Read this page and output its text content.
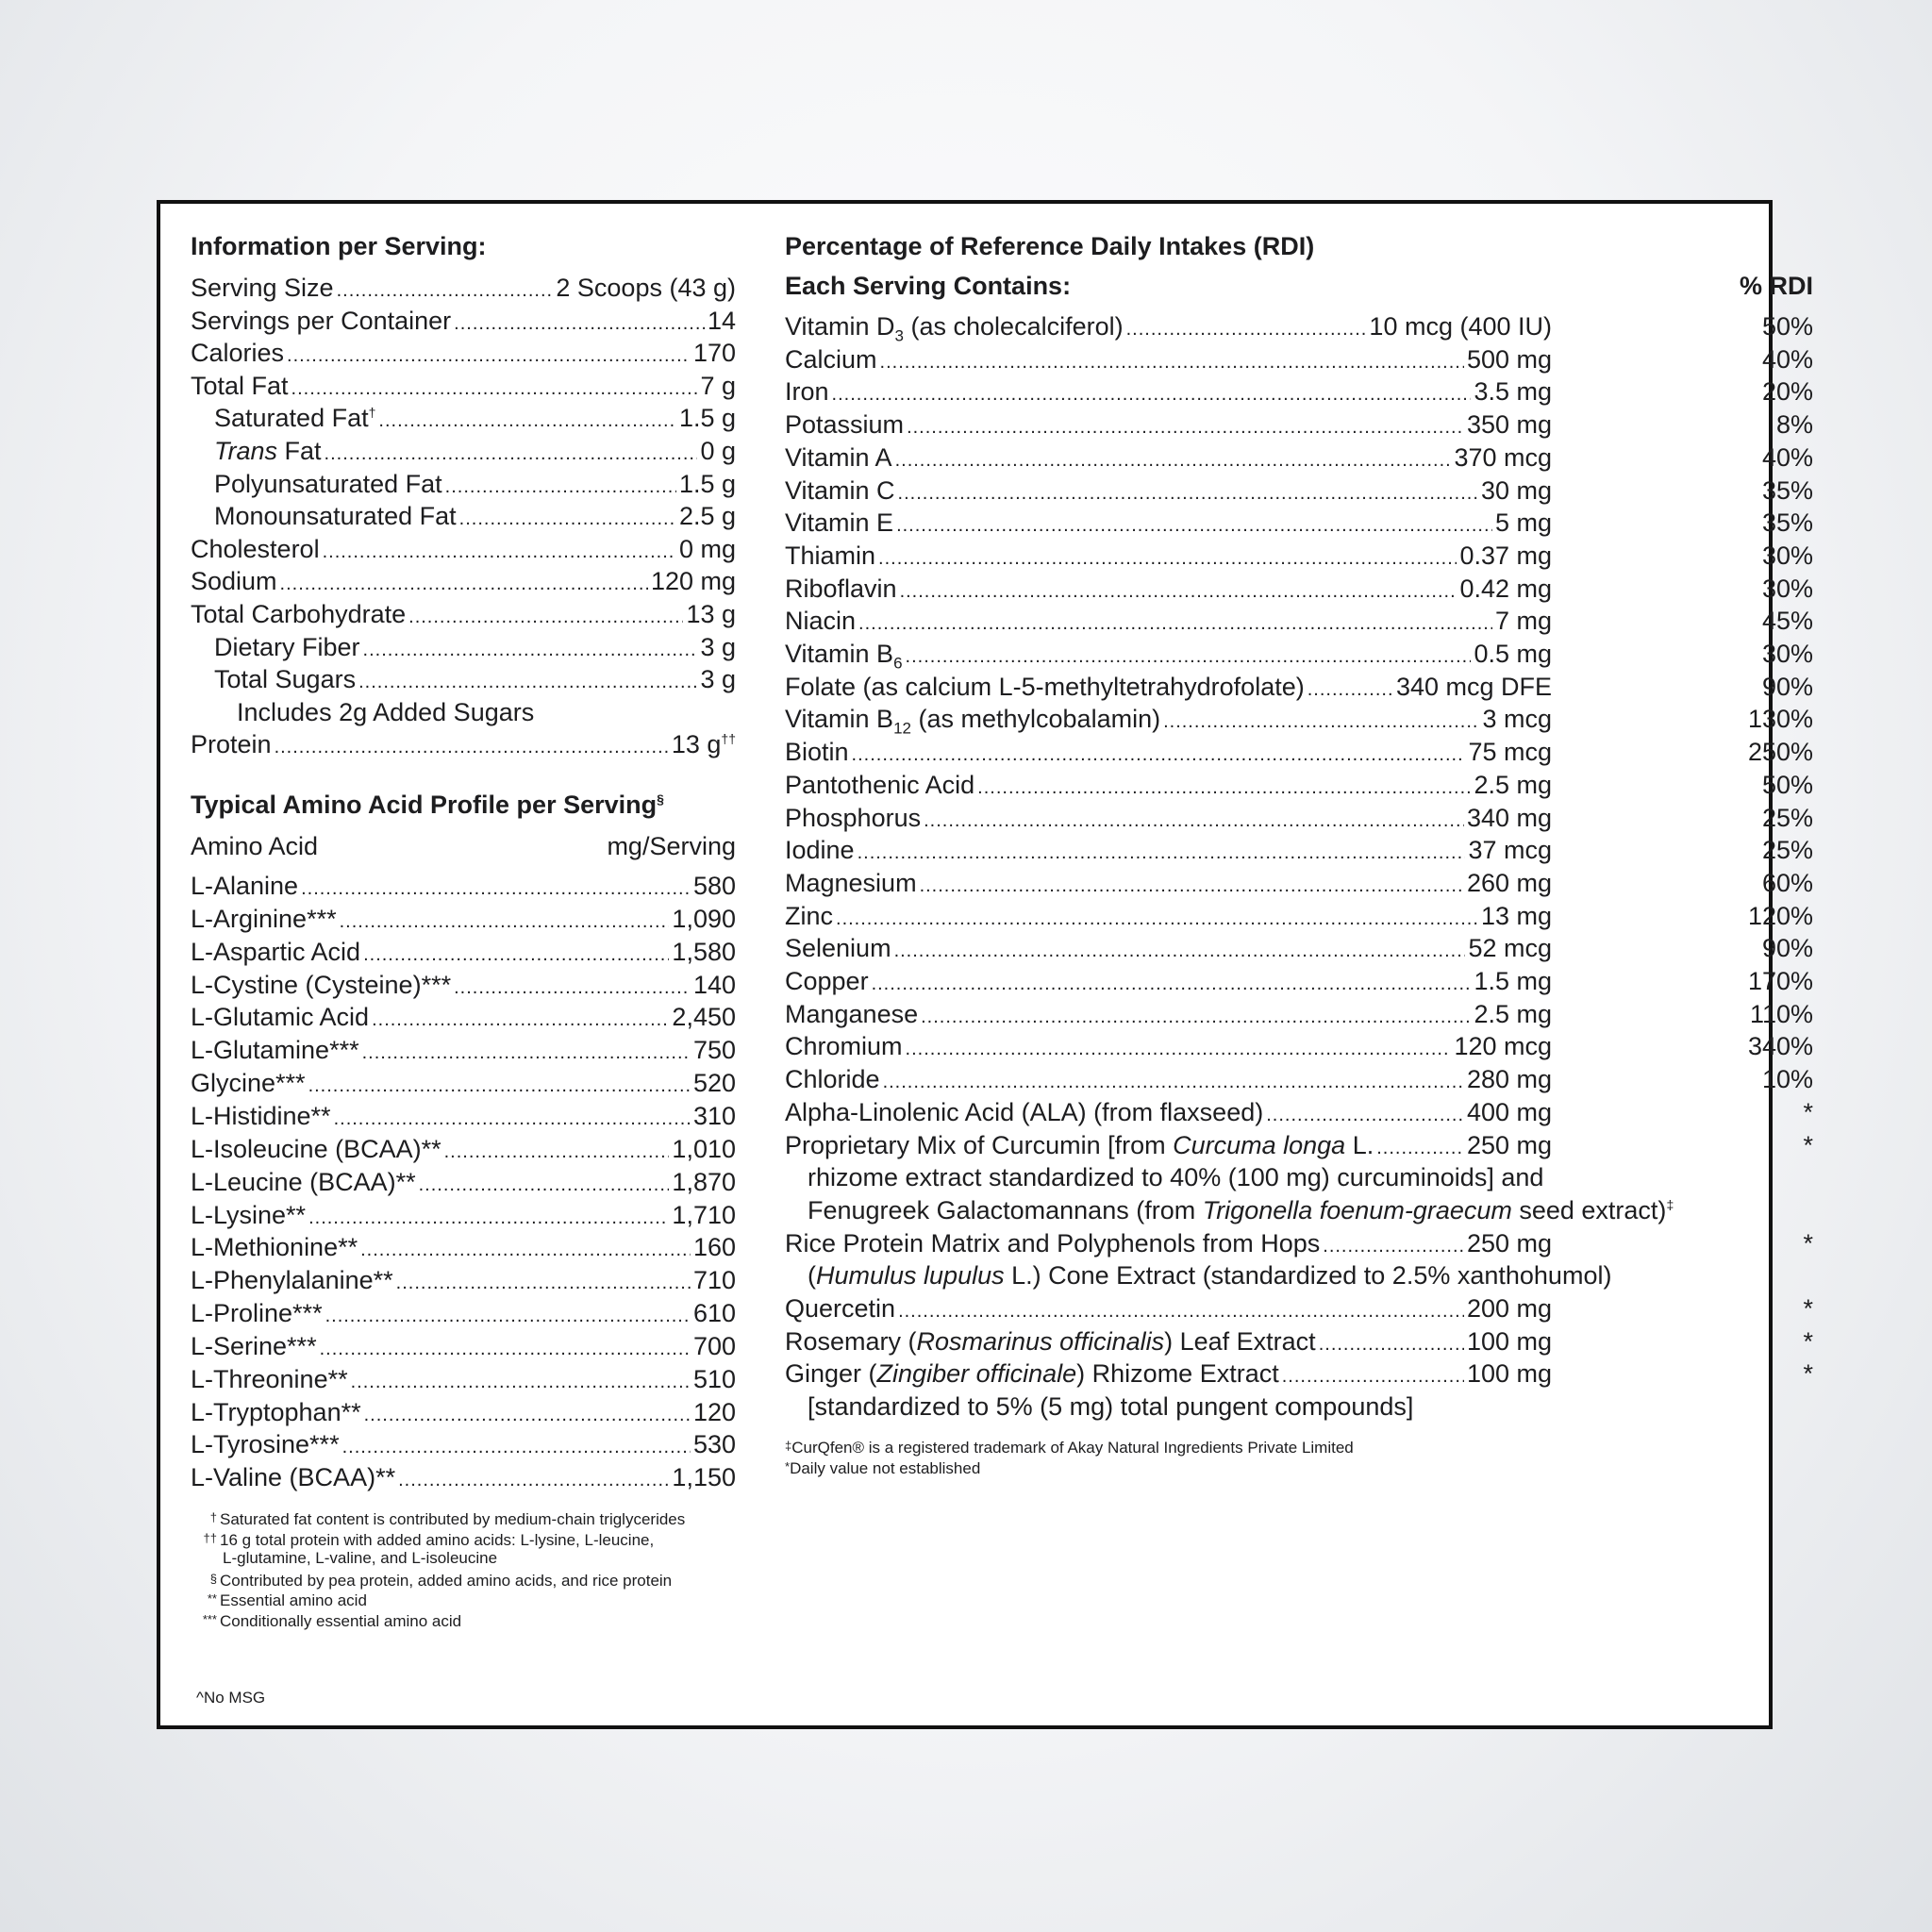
Information per Serving:
Serving Size .....	2 Scoops (43 g)
Servings per Container .....	14
Calories .....	170
Total Fat .....	7 g
Saturated Fat† .....	1.5 g
Trans Fat .....	0 g
Polyunsaturated Fat .....	1.5 g
Monounsaturated Fat .....	2.5 g
Cholesterol .....	0 mg
Sodium .....	120 mg
Total Carbohydrate .....	13 g
Dietary Fiber .....	3 g
Total Sugars .....	3 g
Includes 2g Added Sugars
Protein .....	13 g††
Typical Amino Acid Profile per Serving§
Amino Acid	mg/Serving
L-Alanine .....	580
L-Arginine*** .....	1,090
L-Aspartic Acid .....	1,580
L-Cystine (Cysteine)*** .....	140
L-Glutamic Acid .....	2,450
L-Glutamine*** .....	750
Glycine*** .....	520
L-Histidine** .....	310
L-Isoleucine (BCAA)** .....	1,010
L-Leucine (BCAA)** .....	1,870
L-Lysine** .....	1,710
L-Methionine** .....	160
L-Phenylalanine** .....	710
L-Proline*** .....	610
L-Serine*** .....	700
L-Threonine** .....	510
L-Tryptophan** .....	120
L-Tyrosine*** .....	530
L-Valine (BCAA)** .....	1,150
† Saturated fat content is contributed by medium-chain triglycerides
†† 16 g total protein with added amino acids: L-lysine, L-leucine,
L-glutamine, L-valine, and L-isoleucine
§ Contributed by pea protein, added amino acids, and rice protein
** Essential amino acid
*** Conditionally essential amino acid
^No MSG
Percentage of Reference Daily Intakes (RDI)
Each Serving Contains:	% RDI
Vitamin $D_3$ (as cholecalciferol) .....	10 mcg (400 IU)	50%
Calcium .....	500 mg	40%
Iron .....	3.5 mg	20%
Potassium .....	350 mg	8%
Vitamin A .....	370 mcg	40%
Vitamin C .....	30 mg	35%
Vitamin E .....	5 mg	35%
Thiamin .....	0.37 mg	30%
Riboflavin .....	0.42 mg	30%
Niacin .....	7 mg	45%
Vitamin $B_6$ .....	0.5 mg	30%
Folate (as calcium L-5-methyltetrahydrofolate) .....	340 mcg DFE	90%
Vitamin $B_{12}$ (as methylcobalamin) .....	3 mcg	130%
Biotin .....	75 mcg	250%
Pantothenic Acid .....	2.5 mg	50%
Phosphorus .....	340 mg	25%
Iodine .....	37 mcg	25%
Magnesium .....	260 mg	60%
Zinc .....	13 mg	120%
Selenium .....	52 mcg	90%
Copper .....	1.5 mg	170%
Manganese .....	2.5 mg	110%
Chromium .....	120 mcg	340%
Chloride .....	280 mg	10%
Alpha-Linolenic Acid (ALA) (from flaxseed) .....	400 mg	*
Proprietary Mix of Curcumin [from Curcuma longa L. .....	250 mg	*
rhizome extract standardized to 40% (100 mg) curcuminoids] and
Fenugreek Galactomannans (from Trigonella foenum-graecum seed extract)‡
Rice Protein Matrix and Polyphenols from Hops .....	250 mg	*
(Humulus lupulus L.) Cone Extract (standardized to 2.5% xanthohumol)
Quercetin .....	200 mg	*
Rosemary (Rosmarinus officinalis) Leaf Extract .....	100 mg	*
Ginger (Zingiber officinale) Rhizome Extract .....	100 mg	*
[standardized to 5% (5 mg) total pungent compounds]
‡CurQfen® is a registered trademark of Akay Natural Ingredients Private Limited
*Daily value not established
